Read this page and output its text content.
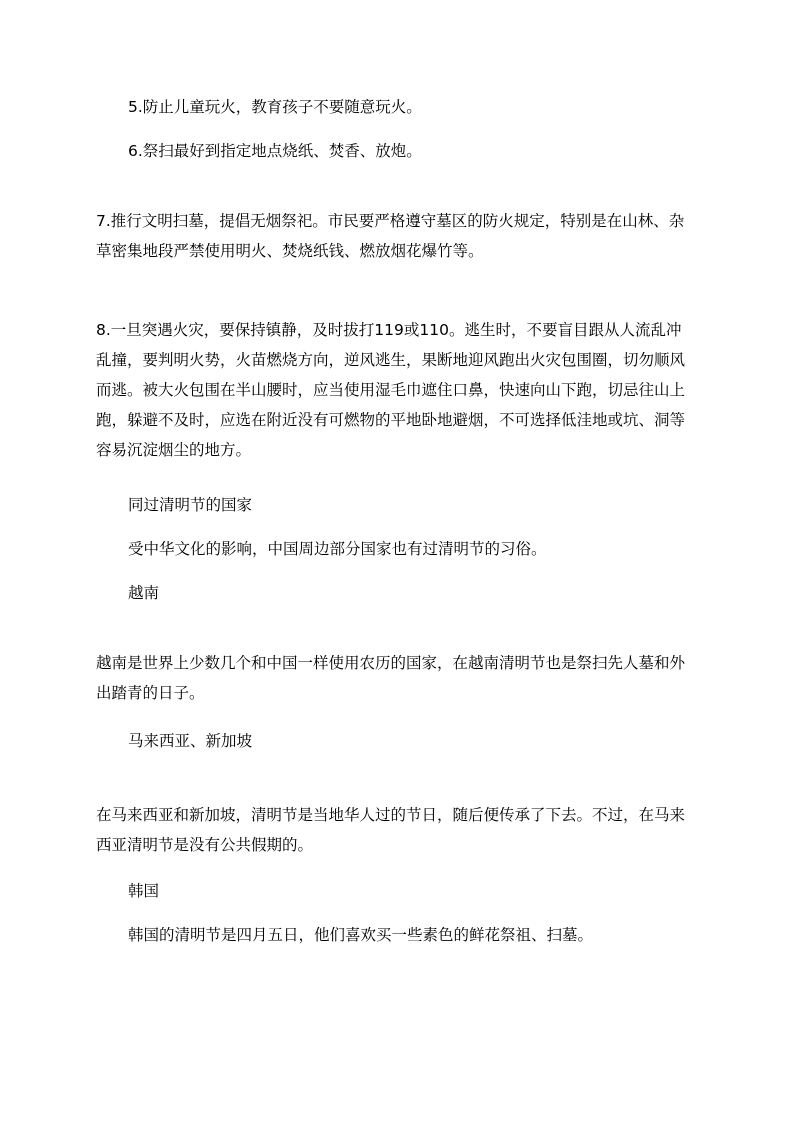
5.防止儿童玩火，教育孩子不要随意玩火。

6.祭扫最好到指定地点烧纸、焚香、放炮。

7.推行文明扫墓，提倡无烟祭祀。市民要严格遵守墓区的防火规定，特别是在山林、杂草密集地段严禁使用明火、焚烧纸钱、燃放烟花爆竹等。

8.一旦突遇火灾，要保持镇静，及时拔打119或110。逃生时，不要盲目跟从人流乱冲乱撞，要判明火势，火苗燃烧方向，逆风逃生，果断地迎风跑出火灾包围圈，切勿顺风而逃。被大火包围在半山腰时，应当使用湿毛巾遮住口鼻，快速向山下跑，切忌往山上跑，躲避不及时，应选在附近没有可燃物的平地卧地避烟，不可选择低洼地或坑、洞等容易沉淀烟尘的地方。

同过清明节的国家

受中华文化的影响，中国周边部分国家也有过清明节的习俗。

越南

越南是世界上少数几个和中国一样使用农历的国家，在越南清明节也是祭扫先人墓和外出踏青的日子。

马来西亚、新加坡

在马来西亚和新加坡，清明节是当地华人过的节日，随后便传承了下去。不过，在马来西亚清明节是没有公共假期的。

韩国

韩国的清明节是四月五日，他们喜欢买一些素色的鲜花祭祖、扫墓。
